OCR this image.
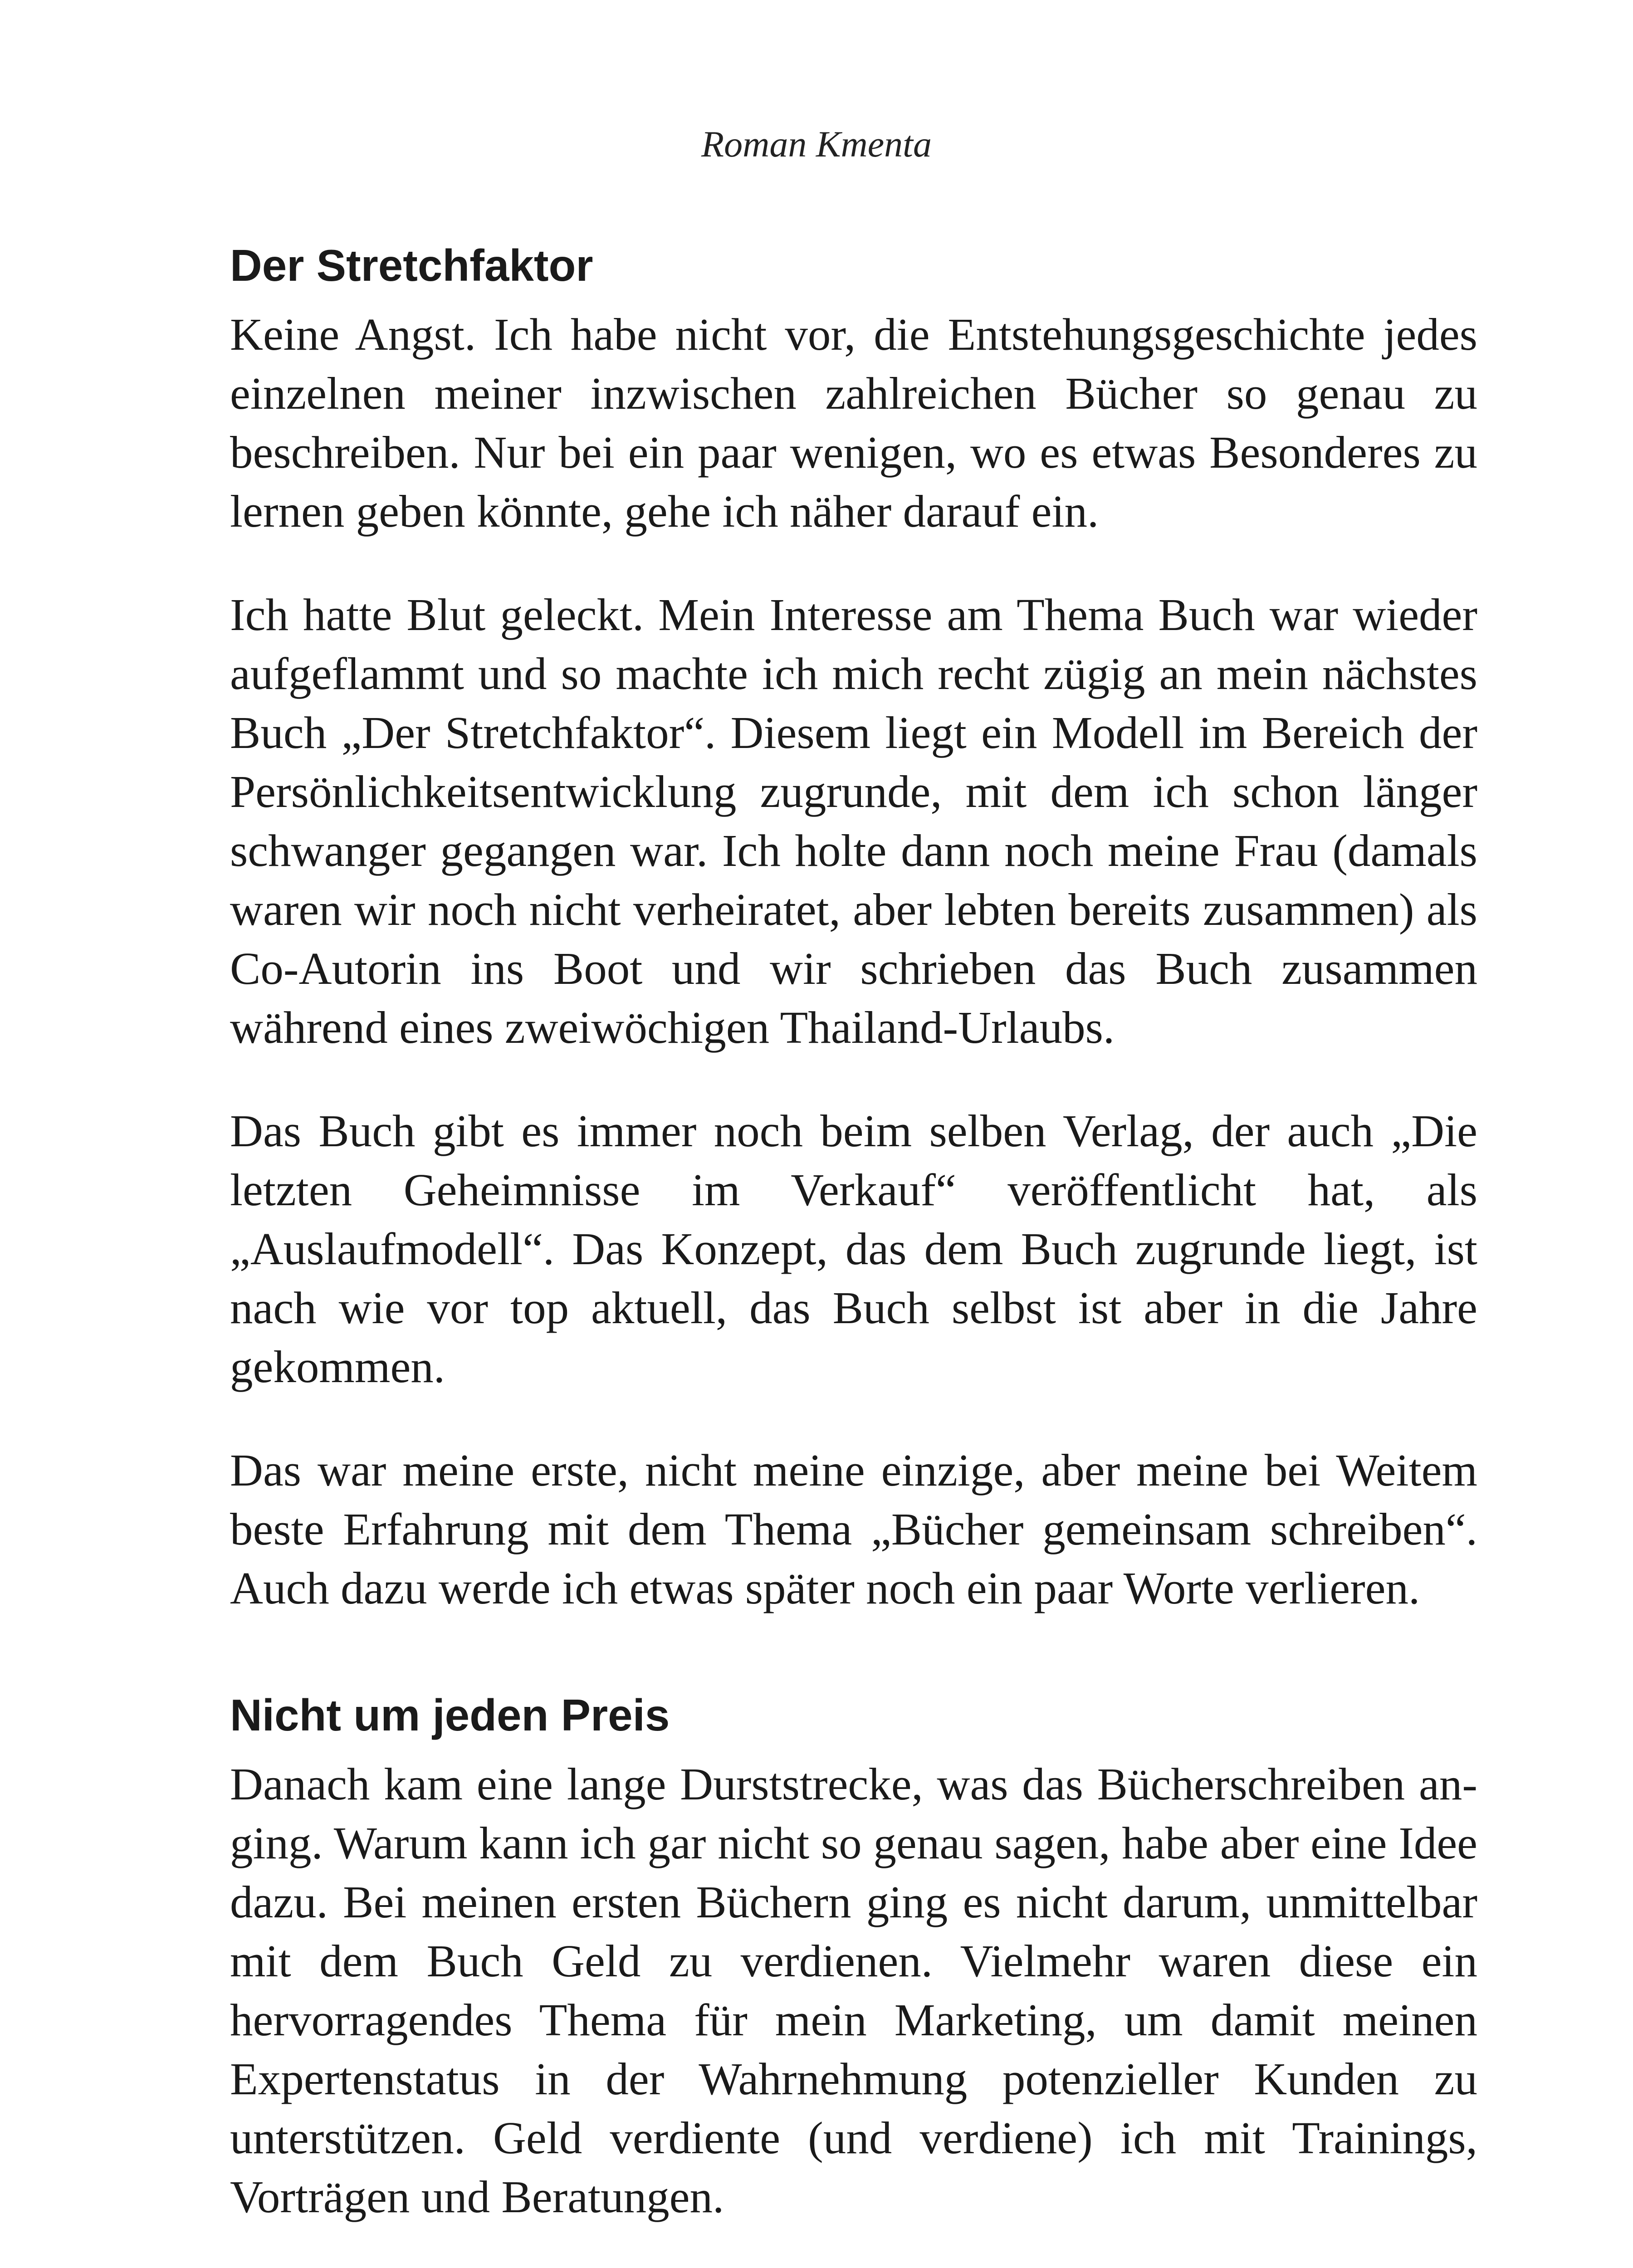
Roman Kmenta
Der Stretchfaktor

Keine Angst. Ich habe nicht vor, die Entstehungsgeschichte jedes einzelnen meiner inzwischen zahlreichen Bücher so genau zu beschreiben. Nur bei ein paar wenigen, wo es etwas Besonderes zu lernen geben könnte, gehe ich näher darauf ein.

Ich hatte Blut geleckt. Mein Interesse am Thema Buch war wieder aufgeflammt und so machte ich mich recht zügig an mein nächstes Buch „Der Stretchfaktor“. Diesem liegt ein Modell im Bereich der Persönlichkeitsentwicklung zugrunde, mit dem ich schon länger schwanger gegangen war. Ich holte dann noch meine Frau (damals waren wir noch nicht verheiratet, aber lebten bereits zusammen) als Co-Autorin ins Boot und wir schrieben das Buch zusammen während eines zweiwöchigen Thailand-Urlaubs.

Das Buch gibt es immer noch beim selben Verlag, der auch „Die letzten Geheimnisse im Verkauf“ veröffentlicht hat, als „Auslaufmodell“. Das Konzept, das dem Buch zugrunde liegt, ist nach wie vor top aktuell, das Buch selbst ist aber in die Jahre gekommen.

Das war meine erste, nicht meine einzige, aber meine bei Weitem beste Erfahrung mit dem Thema „Bücher gemeinsam schreiben“. Auch dazu werde ich etwas später noch ein paar Worte verlieren.

Nicht um jeden Preis

Danach kam eine lange Durststrecke, was das Bücherschreiben anging. Warum kann ich gar nicht so genau sagen, habe aber eine Idee dazu. Bei meinen ersten Büchern ging es nicht darum, unmittelbar mit dem Buch Geld zu verdienen. Vielmehr waren diese ein hervorragendes Thema für mein Marketing, um damit meinen Expertenstatus in der Wahrnehmung potenzieller Kunden zu unterstützen. Geld verdiente (und verdiene) ich mit Trainings, Vorträgen und Beratungen.
